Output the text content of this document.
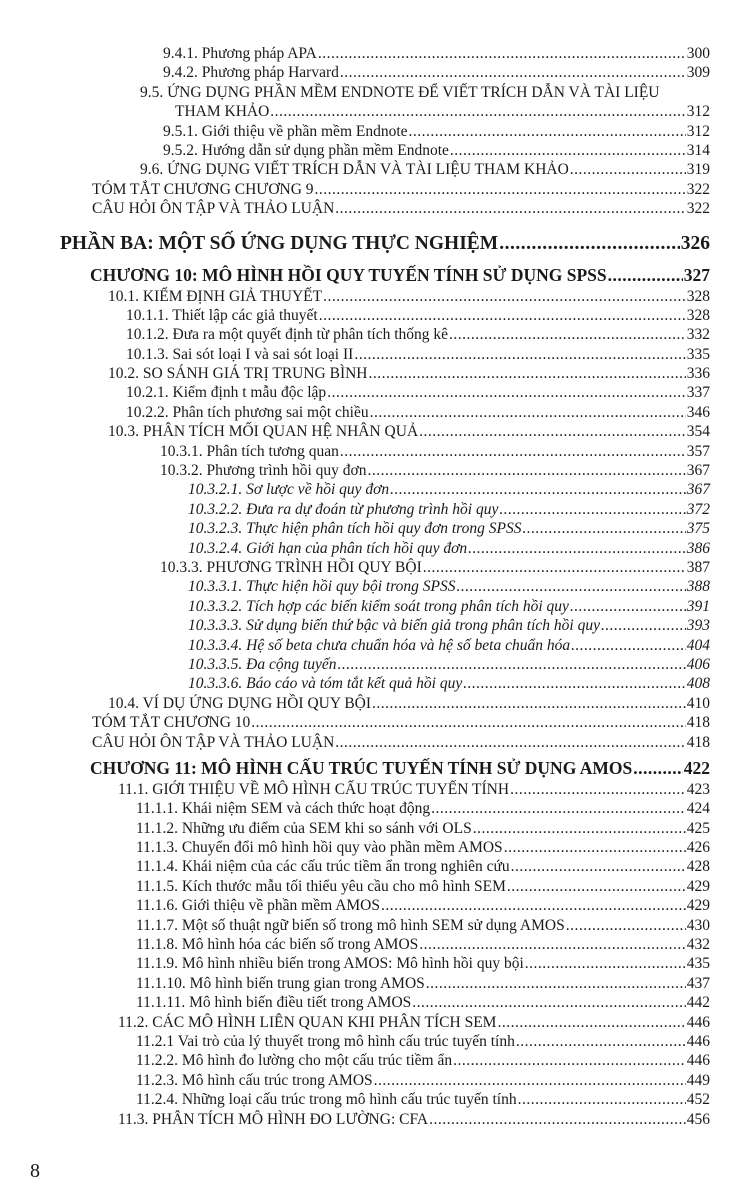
9.4.1. Phương pháp APA .....	300
9.4.2. Phương pháp Harvard .....	309
9.5. ỨNG DỤNG PHẦN MỀM ENDNOTE ĐỂ VIẾT TRÍCH DẪN VÀ TÀI LIỆU
THAM KHẢO .....	312
9.5.1. Giới thiệu về phần mềm Endnote .....	312
9.5.2. Hướng dẫn sử dụng phần mềm Endnote .....	314
9.6. ỨNG DỤNG VIẾT TRÍCH DẪN VÀ TÀI LIỆU THAM KHẢO .....	319
TÓM TẮT CHƯƠNG CHƯƠNG 9 .....	322
CÂU HỎI ÔN TẬP VÀ THẢO LUẬN .....	322
PHẦN BA: MỘT SỐ ỨNG DỤNG THỰC NGHIỆM .....	326
CHƯƠNG 10: MÔ HÌNH HỒI QUY TUYẾN TÍNH SỬ DỤNG SPSS .....	327
10.1. KIỂM ĐỊNH GIẢ THUYẾT .....	328
10.1.1. Thiết lập các giả thuyết .....	328
10.1.2. Đưa ra một quyết định từ phân tích thống kê .....	332
10.1.3. Sai sót loại I và sai sót loại II .....	335
10.2. SO SÁNH GIÁ TRỊ TRUNG BÌNH .....	336
10.2.1. Kiểm định t mẫu độc lập .....	337
10.2.2. Phân tích phương sai một chiều .....	346
10.3. PHÂN TÍCH MỐI QUAN HỆ NHÂN QUẢ .....	354
10.3.1. Phân tích tương quan .....	357
10.3.2. Phương trình hồi quy đơn .....	367
10.3.2.1. Sơ lược về hồi quy đơn .....	367
10.3.2.2. Đưa ra dự đoán từ phương trình hồi quy .....	372
10.3.2.3. Thực hiện phân tích hồi quy đơn trong SPSS .....	375
10.3.2.4. Giới hạn của phân tích hồi quy đơn .....	386
10.3.3. PHƯƠNG TRÌNH HỒI QUY BỘI .....	387
10.3.3.1. Thực hiện hồi quy bội trong SPSS .....	388
10.3.3.2. Tích hợp các biến kiểm soát trong phân tích hồi quy .....	391
10.3.3.3. Sử dụng biến thứ bậc và biến giả trong phân tích hồi quy .....	393
10.3.3.4. Hệ số beta chưa chuẩn hóa và hệ số beta chuẩn hóa .....	404
10.3.3.5. Đa cộng tuyến .....	406
10.3.3.6. Báo cáo và tóm tắt kết quả hồi quy .....	408
10.4. VÍ DỤ ỨNG DỤNG HỒI QUY BỘI .....	410
TÓM TẮT CHƯƠNG 10 .....	418
CÂU HỎI ÔN TẬP VÀ THẢO LUẬN .....	418
CHƯƠNG 11: MÔ HÌNH CẤU TRÚC TUYẾN TÍNH SỬ DỤNG AMOS .....	422
11.1. GIỚI THIỆU VỀ MÔ HÌNH CẤU TRÚC TUYẾN TÍNH .....	423
11.1.1. Khái niệm SEM và cách thức hoạt động .....	424
11.1.2. Những ưu điểm của SEM khi so sánh với OLS .....	425
11.1.3. Chuyển đổi mô hình hồi quy vào phần mềm AMOS .....	426
11.1.4. Khái niệm của các cấu trúc tiềm ẩn trong nghiên cứu .....	428
11.1.5. Kích thước mẫu tối thiểu yêu cầu cho mô hình SEM .....	429
11.1.6. Giới thiệu về phần mềm AMOS .....	429
11.1.7. Một số thuật ngữ biến số trong mô hình SEM sử dụng AMOS .....	430
11.1.8. Mô hình hóa các biến số trong AMOS .....	432
11.1.9. Mô hình nhiều biến trong AMOS: Mô hình hồi quy bội .....	435
11.1.10. Mô hình biến trung gian trong AMOS .....	437
11.1.11. Mô hình biến điều tiết trong AMOS .....	442
11.2. CÁC MÔ HÌNH LIÊN QUAN KHI PHÂN TÍCH SEM .....	446
11.2.1 Vai trò của lý thuyết trong mô hình cấu trúc tuyến tính .....	446
11.2.2. Mô hình đo lường cho một cấu trúc tiềm ẩn .....	446
11.2.3. Mô hình cấu trúc trong AMOS .....	449
11.2.4. Những loại cấu trúc trong mô hình cấu trúc tuyến tính .....	452
11.3. PHÂN TÍCH MÔ HÌNH ĐO LƯỜNG: CFA .....	456
8
